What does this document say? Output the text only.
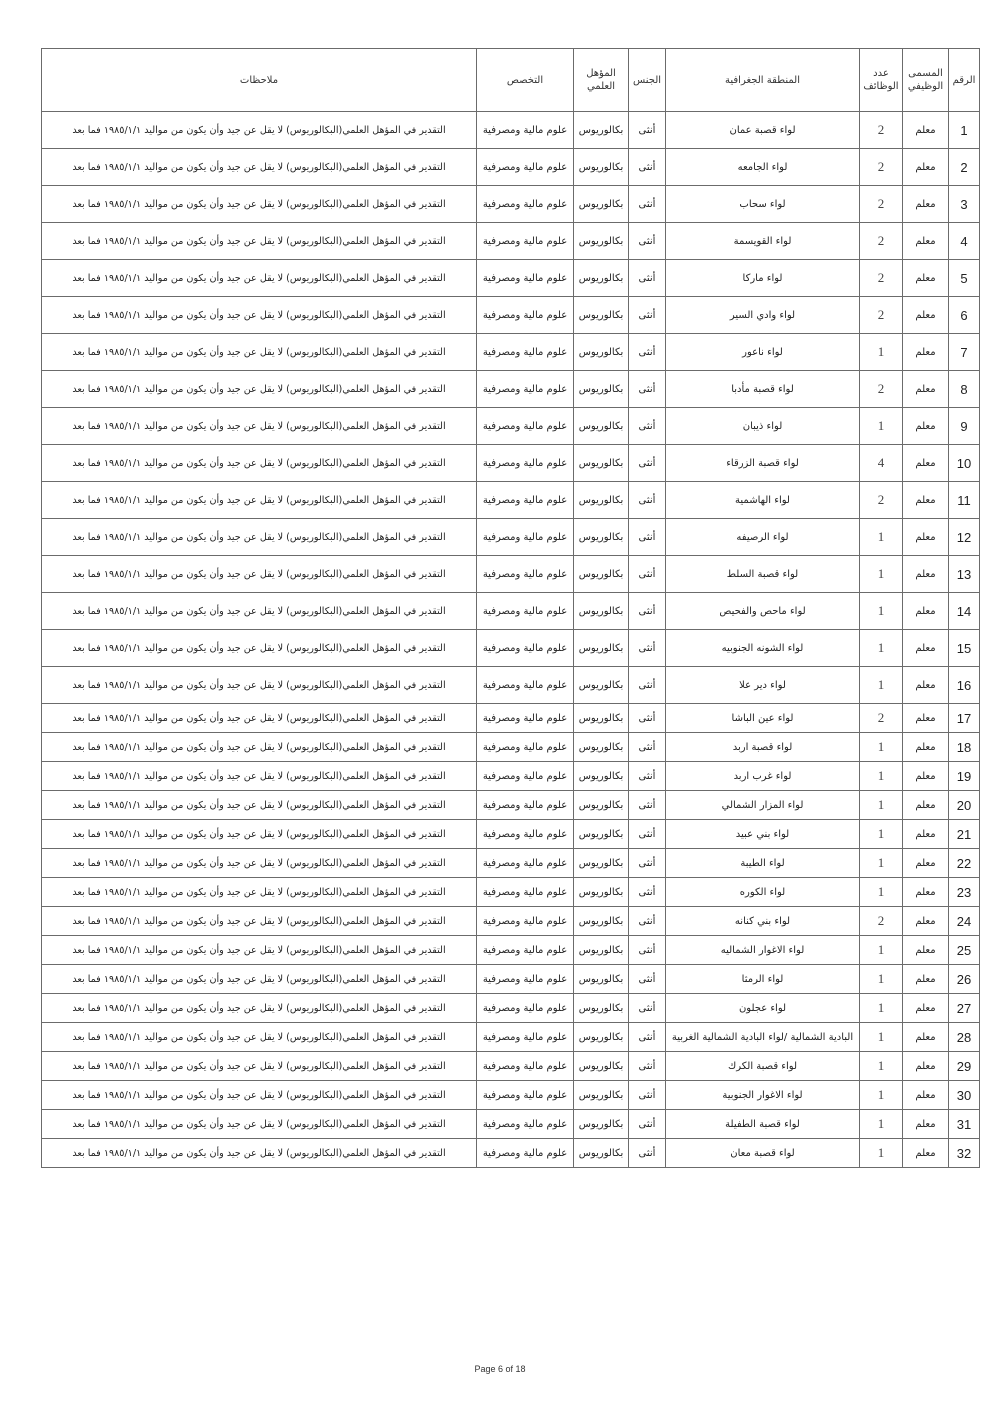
الرقم	المسمى الوظيفي	عدد الوظائف	المنطقة الجغرافية	الجنس	المؤهل العلمي	التخصص	ملاحظات
1	معلم	2	لواء قصبة عمان	أنثى	بكالوريوس	علوم مالية ومصرفية	التقدير في المؤهل العلمي(البكالوريوس) لا يقل عن جيد وأن يكون من مواليد ١٩٨٥/١/١ فما بعد
2	معلم	2	لواء الجامعه	أنثى	بكالوريوس	علوم مالية ومصرفية	التقدير في المؤهل العلمي(البكالوريوس) لا يقل عن جيد وأن يكون من مواليد ١٩٨٥/١/١ فما بعد
3	معلم	2	لواء سحاب	أنثى	بكالوريوس	علوم مالية ومصرفية	التقدير في المؤهل العلمي(البكالوريوس) لا يقل عن جيد وأن يكون من مواليد ١٩٨٥/١/١ فما بعد
4	معلم	2	لواء القويسمة	أنثى	بكالوريوس	علوم مالية ومصرفية	التقدير في المؤهل العلمي(البكالوريوس) لا يقل عن جيد وأن يكون من مواليد ١٩٨٥/١/١ فما بعد
5	معلم	2	لواء ماركا	أنثى	بكالوريوس	علوم مالية ومصرفية	التقدير في المؤهل العلمي(البكالوريوس) لا يقل عن جيد وأن يكون من مواليد ١٩٨٥/١/١ فما بعد
6	معلم	2	لواء وادي السير	أنثى	بكالوريوس	علوم مالية ومصرفية	التقدير في المؤهل العلمي(البكالوريوس) لا يقل عن جيد وأن يكون من مواليد ١٩٨٥/١/١ فما بعد
7	معلم	1	لواء ناعور	أنثى	بكالوريوس	علوم مالية ومصرفية	التقدير في المؤهل العلمي(البكالوريوس) لا يقل عن جيد وأن يكون من مواليد ١٩٨٥/١/١ فما بعد
8	معلم	2	لواء قصبة مأدبا	أنثى	بكالوريوس	علوم مالية ومصرفية	التقدير في المؤهل العلمي(البكالوريوس) لا يقل عن جيد وأن يكون من مواليد ١٩٨٥/١/١ فما بعد
9	معلم	1	لواء ذيبان	أنثى	بكالوريوس	علوم مالية ومصرفية	التقدير في المؤهل العلمي(البكالوريوس) لا يقل عن جيد وأن يكون من مواليد ١٩٨٥/١/١ فما بعد
10	معلم	4	لواء قصبة الزرقاء	أنثى	بكالوريوس	علوم مالية ومصرفية	التقدير في المؤهل العلمي(البكالوريوس) لا يقل عن جيد وأن يكون من مواليد ١٩٨٥/١/١ فما بعد
11	معلم	2	لواء الهاشمية	أنثى	بكالوريوس	علوم مالية ومصرفية	التقدير في المؤهل العلمي(البكالوريوس) لا يقل عن جيد وأن يكون من مواليد ١٩٨٥/١/١ فما بعد
12	معلم	1	لواء الرصيفه	أنثى	بكالوريوس	علوم مالية ومصرفية	التقدير في المؤهل العلمي(البكالوريوس) لا يقل عن جيد وأن يكون من مواليد ١٩٨٥/١/١ فما بعد
13	معلم	1	لواء قصبة السلط	أنثى	بكالوريوس	علوم مالية ومصرفية	التقدير في المؤهل العلمي(البكالوريوس) لا يقل عن جيد وأن يكون من مواليد ١٩٨٥/١/١ فما بعد
14	معلم	1	لواء ماحص والفحيص	أنثى	بكالوريوس	علوم مالية ومصرفية	التقدير في المؤهل العلمي(البكالوريوس) لا يقل عن جيد وأن يكون من مواليد ١٩٨٥/١/١ فما بعد
15	معلم	1	لواء الشونه الجنوبيه	أنثى	بكالوريوس	علوم مالية ومصرفية	التقدير في المؤهل العلمي(البكالوريوس) لا يقل عن جيد وأن يكون من مواليد ١٩٨٥/١/١ فما بعد
16	معلم	1	لواء دير علا	أنثى	بكالوريوس	علوم مالية ومصرفية	التقدير في المؤهل العلمي(البكالوريوس) لا يقل عن جيد وأن يكون من مواليد ١٩٨٥/١/١ فما بعد
17	معلم	2	لواء عين الباشا	أنثى	بكالوريوس	علوم مالية ومصرفية	التقدير في المؤهل العلمي(البكالوريوس) لا يقل عن جيد وأن يكون من مواليد ١٩٨٥/١/١ فما بعد
18	معلم	1	لواء قصبة اربد	أنثى	بكالوريوس	علوم مالية ومصرفية	التقدير في المؤهل العلمي(البكالوريوس) لا يقل عن جيد وأن يكون من مواليد ١٩٨٥/١/١ فما بعد
19	معلم	1	لواء غرب اربد	أنثى	بكالوريوس	علوم مالية ومصرفية	التقدير في المؤهل العلمي(البكالوريوس) لا يقل عن جيد وأن يكون من مواليد ١٩٨٥/١/١ فما بعد
20	معلم	1	لواء المزار الشمالي	أنثى	بكالوريوس	علوم مالية ومصرفية	التقدير في المؤهل العلمي(البكالوريوس) لا يقل عن جيد وأن يكون من مواليد ١٩٨٥/١/١ فما بعد
21	معلم	1	لواء بني عبيد	أنثى	بكالوريوس	علوم مالية ومصرفية	التقدير في المؤهل العلمي(البكالوريوس) لا يقل عن جيد وأن يكون من مواليد ١٩٨٥/١/١ فما بعد
22	معلم	1	لواء الطيبة	أنثى	بكالوريوس	علوم مالية ومصرفية	التقدير في المؤهل العلمي(البكالوريوس) لا يقل عن جيد وأن يكون من مواليد ١٩٨٥/١/١ فما بعد
23	معلم	1	لواء الكوره	أنثى	بكالوريوس	علوم مالية ومصرفية	التقدير في المؤهل العلمي(البكالوريوس) لا يقل عن جيد وأن يكون من مواليد ١٩٨٥/١/١ فما بعد
24	معلم	2	لواء بني كنانه	أنثى	بكالوريوس	علوم مالية ومصرفية	التقدير في المؤهل العلمي(البكالوريوس) لا يقل عن جيد وأن يكون من مواليد ١٩٨٥/١/١ فما بعد
25	معلم	1	لواء الاغوار الشماليه	أنثى	بكالوريوس	علوم مالية ومصرفية	التقدير في المؤهل العلمي(البكالوريوس) لا يقل عن جيد وأن يكون من مواليد ١٩٨٥/١/١ فما بعد
26	معلم	1	لواء الرمثا	أنثى	بكالوريوس	علوم مالية ومصرفية	التقدير في المؤهل العلمي(البكالوريوس) لا يقل عن جيد وأن يكون من مواليد ١٩٨٥/١/١ فما بعد
27	معلم	1	لواء عجلون	أنثى	بكالوريوس	علوم مالية ومصرفية	التقدير في المؤهل العلمي(البكالوريوس) لا يقل عن جيد وأن يكون من مواليد ١٩٨٥/١/١ فما بعد
28	معلم	1	البادية الشمالية /لواء البادية الشمالية الغربية	أنثى	بكالوريوس	علوم مالية ومصرفية	التقدير في المؤهل العلمي(البكالوريوس) لا يقل عن جيد وأن يكون من مواليد ١٩٨٥/١/١ فما بعد
29	معلم	1	لواء قصبة الكرك	أنثى	بكالوريوس	علوم مالية ومصرفية	التقدير في المؤهل العلمي(البكالوريوس) لا يقل عن جيد وأن يكون من مواليد ١٩٨٥/١/١ فما بعد
30	معلم	1	لواء الاغوار الجنوبية	أنثى	بكالوريوس	علوم مالية ومصرفية	التقدير في المؤهل العلمي(البكالوريوس) لا يقل عن جيد وأن يكون من مواليد ١٩٨٥/١/١ فما بعد
31	معلم	1	لواء قصبة الطفيلة	أنثى	بكالوريوس	علوم مالية ومصرفية	التقدير في المؤهل العلمي(البكالوريوس) لا يقل عن جيد وأن يكون من مواليد ١٩٨٥/١/١ فما بعد
32	معلم	1	لواء قصبة معان	أنثى	بكالوريوس	علوم مالية ومصرفية	التقدير في المؤهل العلمي(البكالوريوس) لا يقل عن جيد وأن يكون من مواليد ١٩٨٥/١/١ فما بعد
Page 6 of 18
